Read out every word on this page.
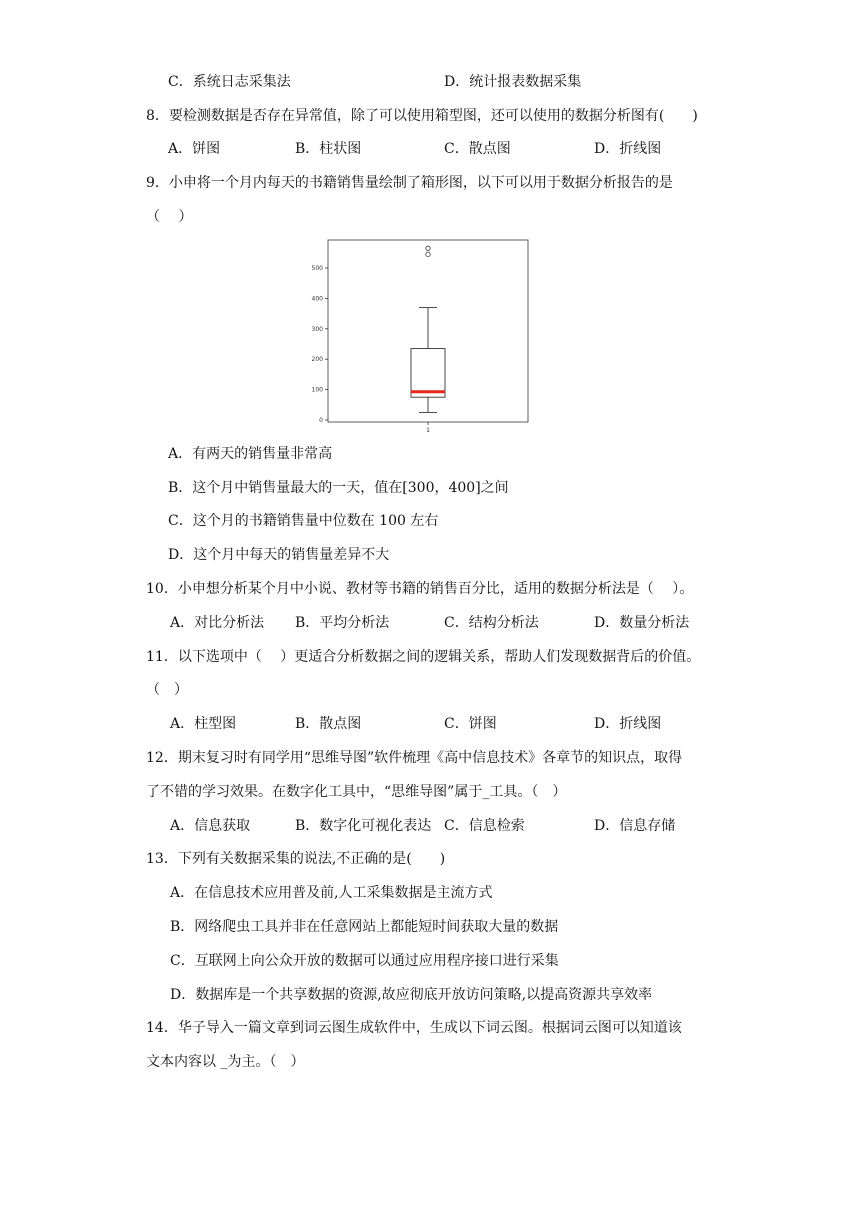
C．系统日志采集法	D．统计报表数据采集
8．要检测数据是否存在异常值，除了可以使用箱型图，还可以使用的数据分析图有(　　)
A．饼图	B．柱状图	C．散点图	D．折线图
9．小申将一个月内每天的书籍销售量绘制了箱形图，以下可以用于数据分析报告的是
（　 ）
0
100
200
300
400
500
1
A．有两天的销售量非常高
B．这个月中销售量最大的一天，值在[300，400]之间
C．这个月的书籍销售量中位数在 100 左右
D．这个月中每天的销售量差异不大
10．小申想分析某个月中小说、教材等书籍的销售百分比，适用的数据分析法是（　 ）。
A．对比分析法 B．平均分析法	C．结构分析法	D．数量分析法
11．以下选项中（　 ）更适合分析数据之间的逻辑关系，帮助人们发现数据背后的价值。
（　）
A．柱型图	B．散点图	C．饼图	D．折线图
12．期末复习时有同学用“思维导图”软件梳理《高中信息技术》各章节的知识点，取得
了不错的学习效果。在数字化工具中，“思维导图”属于_工具。（　）
A．信息获取	B．数字化可视化表达 C．信息检索	D．信息存储
13．下列有关数据采集的说法,不正确的是(　　)
A．在信息技术应用普及前,人工采集数据是主流方式
B．网络爬虫工具并非在任意网站上都能短时间获取大量的数据
C．互联网上向公众开放的数据可以通过应用程序接口进行采集
D．数据库是一个共享数据的资源,故应彻底开放访问策略,以提高资源共享效率
14．华子导入一篇文章到词云图生成软件中，生成以下词云图。根据词云图可以知道该
文本内容以 _为主。（　）
